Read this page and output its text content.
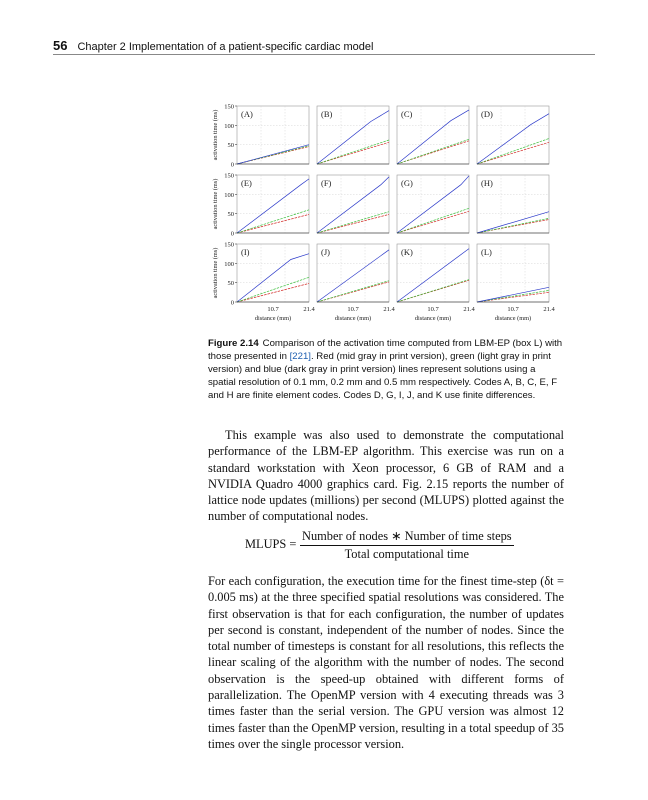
56 Chapter 2 Implementation of a patient-specific cardiac model
(A)
150
100
50
0
activation time (ms)	(B)	(C)	(D)
(E)
150
100
50
0
activation time (ms)	(F)	(G)	(H)
(I)
150
100
50
0
activation time (ms)
10.7	21.4
distance (mm)
(J)
10.7	21.4
distance (mm)
(K)
10.7	21.4
distance (mm)
(L)
10.7	21.4
distance (mm)
Figure 2.14 Comparison of the activation time computed from LBM-EP (box L) with those presented in [221]. Red (mid gray in print version), green (light gray in print version) and blue (dark gray in print version) lines represent solutions using a spatial resolution of 0.1 mm, 0.2 mm and 0.5 mm respectively. Codes A, B, C, E, F and H are finite element codes. Codes D, G, I, J, and K use finite differences.
This example was also used to demonstrate the computational performance of the LBM-EP algorithm. This exercise was run on a standard workstation with Xeon processor, 6 GB of RAM and a NVIDIA Quadro 4000 graphics card. Fig. 2.15 reports the number of lattice node updates (millions) per second (MLUPS) plotted against the number of computational nodes.
MLUPS =
Number of nodes ∗ Number of time steps
Total computational time
For each configuration, the execution time for the finest time-step (δt = 0.005 ms) at the three specified spatial resolutions was considered. The first observation is that for each configuration, the number of updates per second is constant, independent of the number of nodes. Since the total number of timesteps is constant for all resolutions, this reflects the linear scaling of the algorithm with the number of nodes. The second observation is the speed-up obtained with different forms of parallelization. The OpenMP version with 4 executing threads was 3 times faster than the serial version. The GPU version was almost 12 times faster than the OpenMP version, resulting in a total speedup of 35 times over the single processor version.
